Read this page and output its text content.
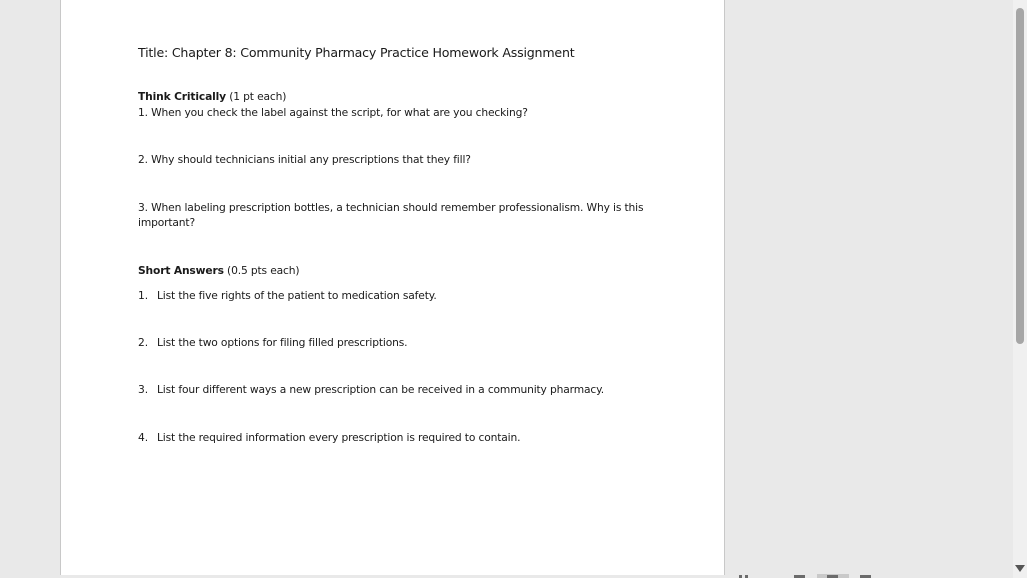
Title: Chapter 8: Community Pharmacy Practice Homework Assignment
Think Critically (1 pt each)
1. When you check the label against the script, for what are you checking?
2. Why should technicians initial any prescriptions that they fill?
3. When labeling prescription bottles, a technician should remember professionalism. Why is this
important?
Short Answers (0.5 pts each)
1. List the five rights of the patient to medication safety.
2. List the two options for filing filled prescriptions.
3. List four different ways a new prescription can be received in a community pharmacy.
4. List the required information every prescription is required to contain.
